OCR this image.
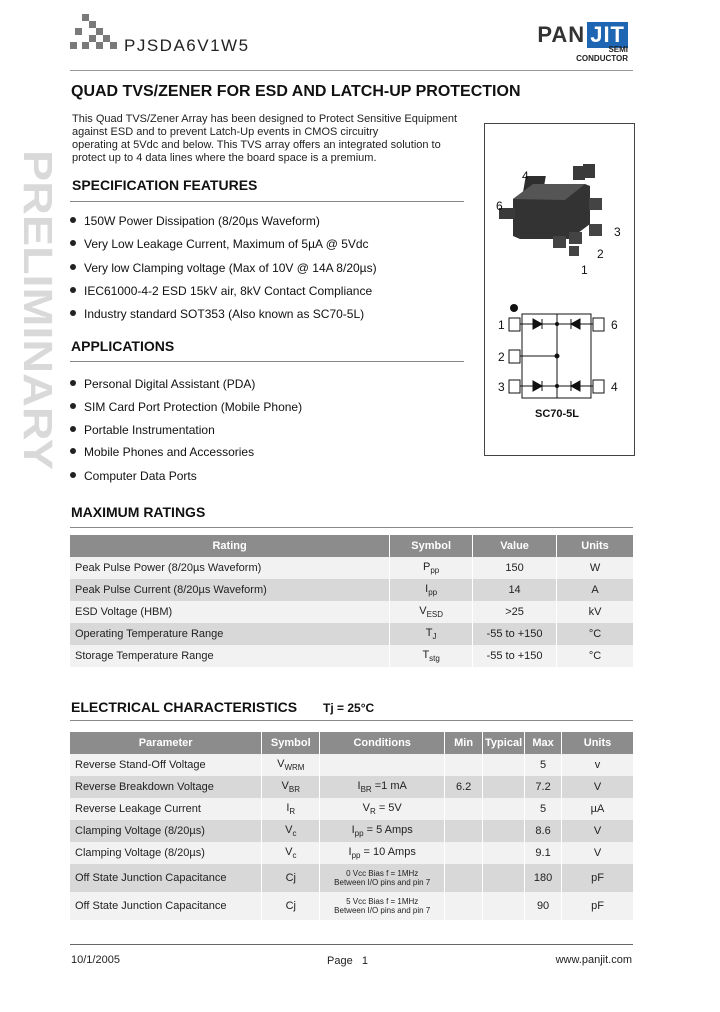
PJSDA6V1W5	PAN JIT
SEMI
CONDUCTOR
PRELIMINARY
QUAD TVS/ZENER FOR ESD AND LATCH-UP PROTECTION
This Quad TVS/Zener Array has been designed to Protect Sensitive Equipment
against ESD and to prevent Latch-Up events in CMOS circuitry
operating at 5Vdc and below. This TVS array offers an integrated solution to
protect up to 4 data lines where the board space is a premium.
SPECIFICATION FEATURES
150W Power Dissipation (8/20µs Waveform)
Very Low Leakage Current, Maximum of 5µA @ 5Vdc
Very low Clamping voltage (Max of 10V @ 14A 8/20µs)
IEC61000-4-2 ESD 15kV air, 8kV Contact Compliance
Industry standard SOT353 (Also known as SC70-5L)
APPLICATIONS
Personal Digital Assistant (PDA)
SIM Card Port Protection (Mobile Phone)
Portable Instrumentation
Mobile Phones and Accessories
Computer Data Ports
4
6
3
2
1
1
2
3
6
4
SC70-5L
MAXIMUM RATINGS
Rating	Symbol	Value	Units
Peak Pulse Power (8/20µs Waveform)	$P_{pp}$	150	W
Peak Pulse Current (8/20µs Waveform)	$I_{pp}$	14	A
ESD Voltage (HBM)	$V_{ESD}$	>25	kV
Operating Temperature Range	$T_J$	-55 to +150	°C
Storage Temperature Range	$T_{stg}$	-55 to +150	°C
ELECTRICAL CHARACTERISTICS Tj = 25°C
Parameter	Symbol	Conditions	Min	Typical	Max	Units
Reverse Stand-Off Voltage	$V_{WRM}$				5	v
Reverse Breakdown Voltage	$V_{BR}$	$I_{BR} =1$ mA	6.2		7.2	V
Reverse Leakage Current	$I_R$	$V_R = 5V$			5	µA
Clamping Voltage (8/20µs)	$V_c$	$I_{pp} = 5$ Amps			8.6	V
Clamping Voltage (8/20µs)	$V_c$	$I_{pp} = 10$ Amps			9.1	V
Off State Junction Capacitance	Cj	0 Vcc Bias f = 1MHz
Between I/O pins and pin 7			180	pF
Off State Junction Capacitance	Cj	5 Vcc Bias f = 1MHz
Between I/O pins and pin 7			90	pF
10/1/2005	Page 1	www.panjit.com
